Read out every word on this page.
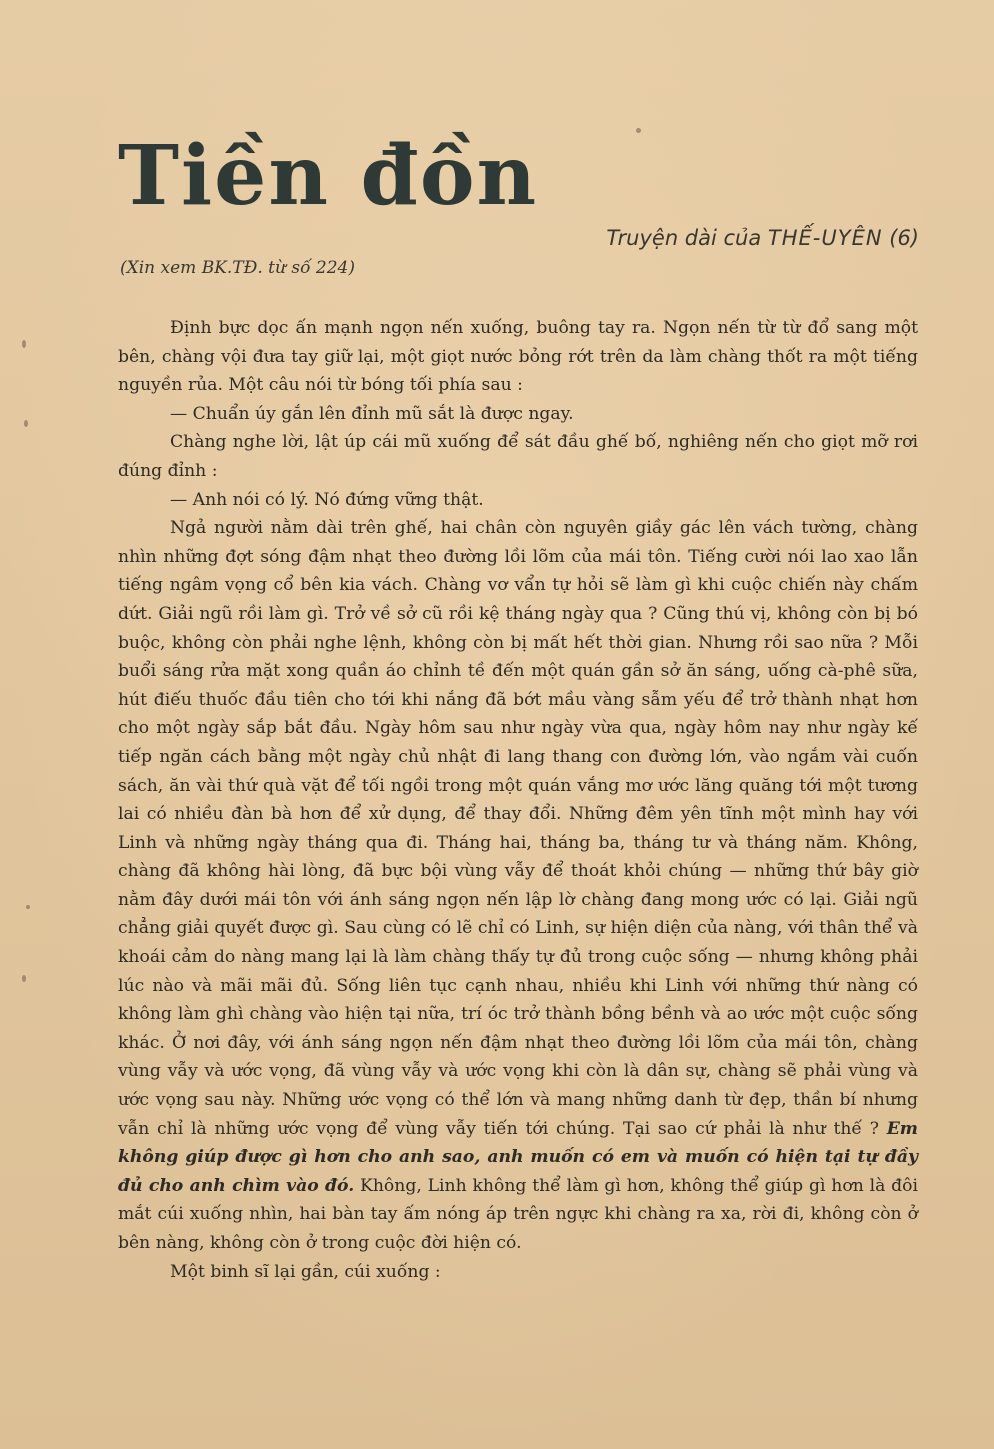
Tiền đồn
Truyện dài của THẾ-UYÊN (6)
(Xin xem BK.TĐ. từ số 224)

Định bực dọc ấn mạnh ngọn nến xuống, buông tay ra. Ngọn nến từ từ đổ sang một bên, chàng vội đưa tay giữ lại, một giọt nước bỏng rớt trên da làm chàng thốt ra một tiếng nguyền rủa. Một câu nói từ bóng tối phía sau :

— Chuẩn úy gắn lên đỉnh mũ sắt là được ngay.

Chàng nghe lời, lật úp cái mũ xuống để sát đầu ghế bố, nghiêng nến cho giọt mỡ rơi đúng đỉnh :

— Anh nói có lý. Nó đứng vững thật.

Ngả người nằm dài trên ghế, hai chân còn nguyên giầy gác lên vách tường, chàng nhìn những đợt sóng đậm nhạt theo đường lồi lõm của mái tôn. Tiếng cười nói lao xao lẫn tiếng ngâm vọng cổ bên kia vách. Chàng vơ vẩn tự hỏi sẽ làm gì khi cuộc chiến này chấm dứt. Giải ngũ rồi làm gì. Trở về sở cũ rồi kệ tháng ngày qua ? Cũng thú vị, không còn bị bó buộc, không còn phải nghe lệnh, không còn bị mất hết thời gian. Nhưng rồi sao nữa ? Mỗi buổi sáng rửa mặt xong quần áo chỉnh tề đến một quán gần sở ăn sáng, uống cà-phê sữa, hút điếu thuốc đầu tiên cho tới khi nắng đã bớt mầu vàng sẫm yếu để trở thành nhạt hơn cho một ngày sắp bắt đầu. Ngày hôm sau như ngày vừa qua, ngày hôm nay như ngày kế tiếp ngăn cách bằng một ngày chủ nhật đi lang thang con đường lớn, vào ngắm vài cuốn sách, ăn vài thứ quà vặt để tối ngồi trong một quán vắng mơ ước lăng quăng tới một tương lai có nhiều đàn bà hơn để xử dụng, để thay đổi. Những đêm yên tĩnh một mình hay với Linh và những ngày tháng qua đi. Tháng hai, tháng ba, tháng tư và tháng năm. Không, chàng đã không hài lòng, đã bực bội vùng vẫy để thoát khỏi chúng — những thứ bây giờ nằm đây dưới mái tôn với ánh sáng ngọn nến lập lờ chàng đang mong ước có lại. Giải ngũ chẳng giải quyết được gì. Sau cùng có lẽ chỉ có Linh, sự hiện diện của nàng, với thân thể và khoái cảm do nàng mang lại là làm chàng thấy tự đủ trong cuộc sống — nhưng không phải lúc nào và mãi mãi đủ. Sống liên tục cạnh nhau, nhiều khi Linh với những thứ nàng có không làm ghì chàng vào hiện tại nữa, trí óc trở thành bồng bềnh và ao ước một cuộc sống khác. Ở nơi đây, với ánh sáng ngọn nến đậm nhạt theo đường lồi lõm của mái tôn, chàng vùng vẫy và ước vọng, đã vùng vẫy và ước vọng khi còn là dân sự, chàng sẽ phải vùng và ước vọng sau này. Những ước vọng có thể lớn và mang những danh từ đẹp, thần bí nhưng vẫn chỉ là những ước vọng để vùng vẫy tiến tới chúng. Tại sao cứ phải là như thế ? Em không giúp được gì hơn cho anh sao, anh muốn có em và muốn có hiện tại tự đầy đủ cho anh chìm vào đó. Không, Linh không thể làm gì hơn, không thể giúp gì hơn là đôi mắt cúi xuống nhìn, hai bàn tay ấm nóng áp trên ngực khi chàng ra xa, rời đi, không còn ở bên nàng, không còn ở trong cuộc đời hiện có.

Một binh sĩ lại gần, cúi xuống :
